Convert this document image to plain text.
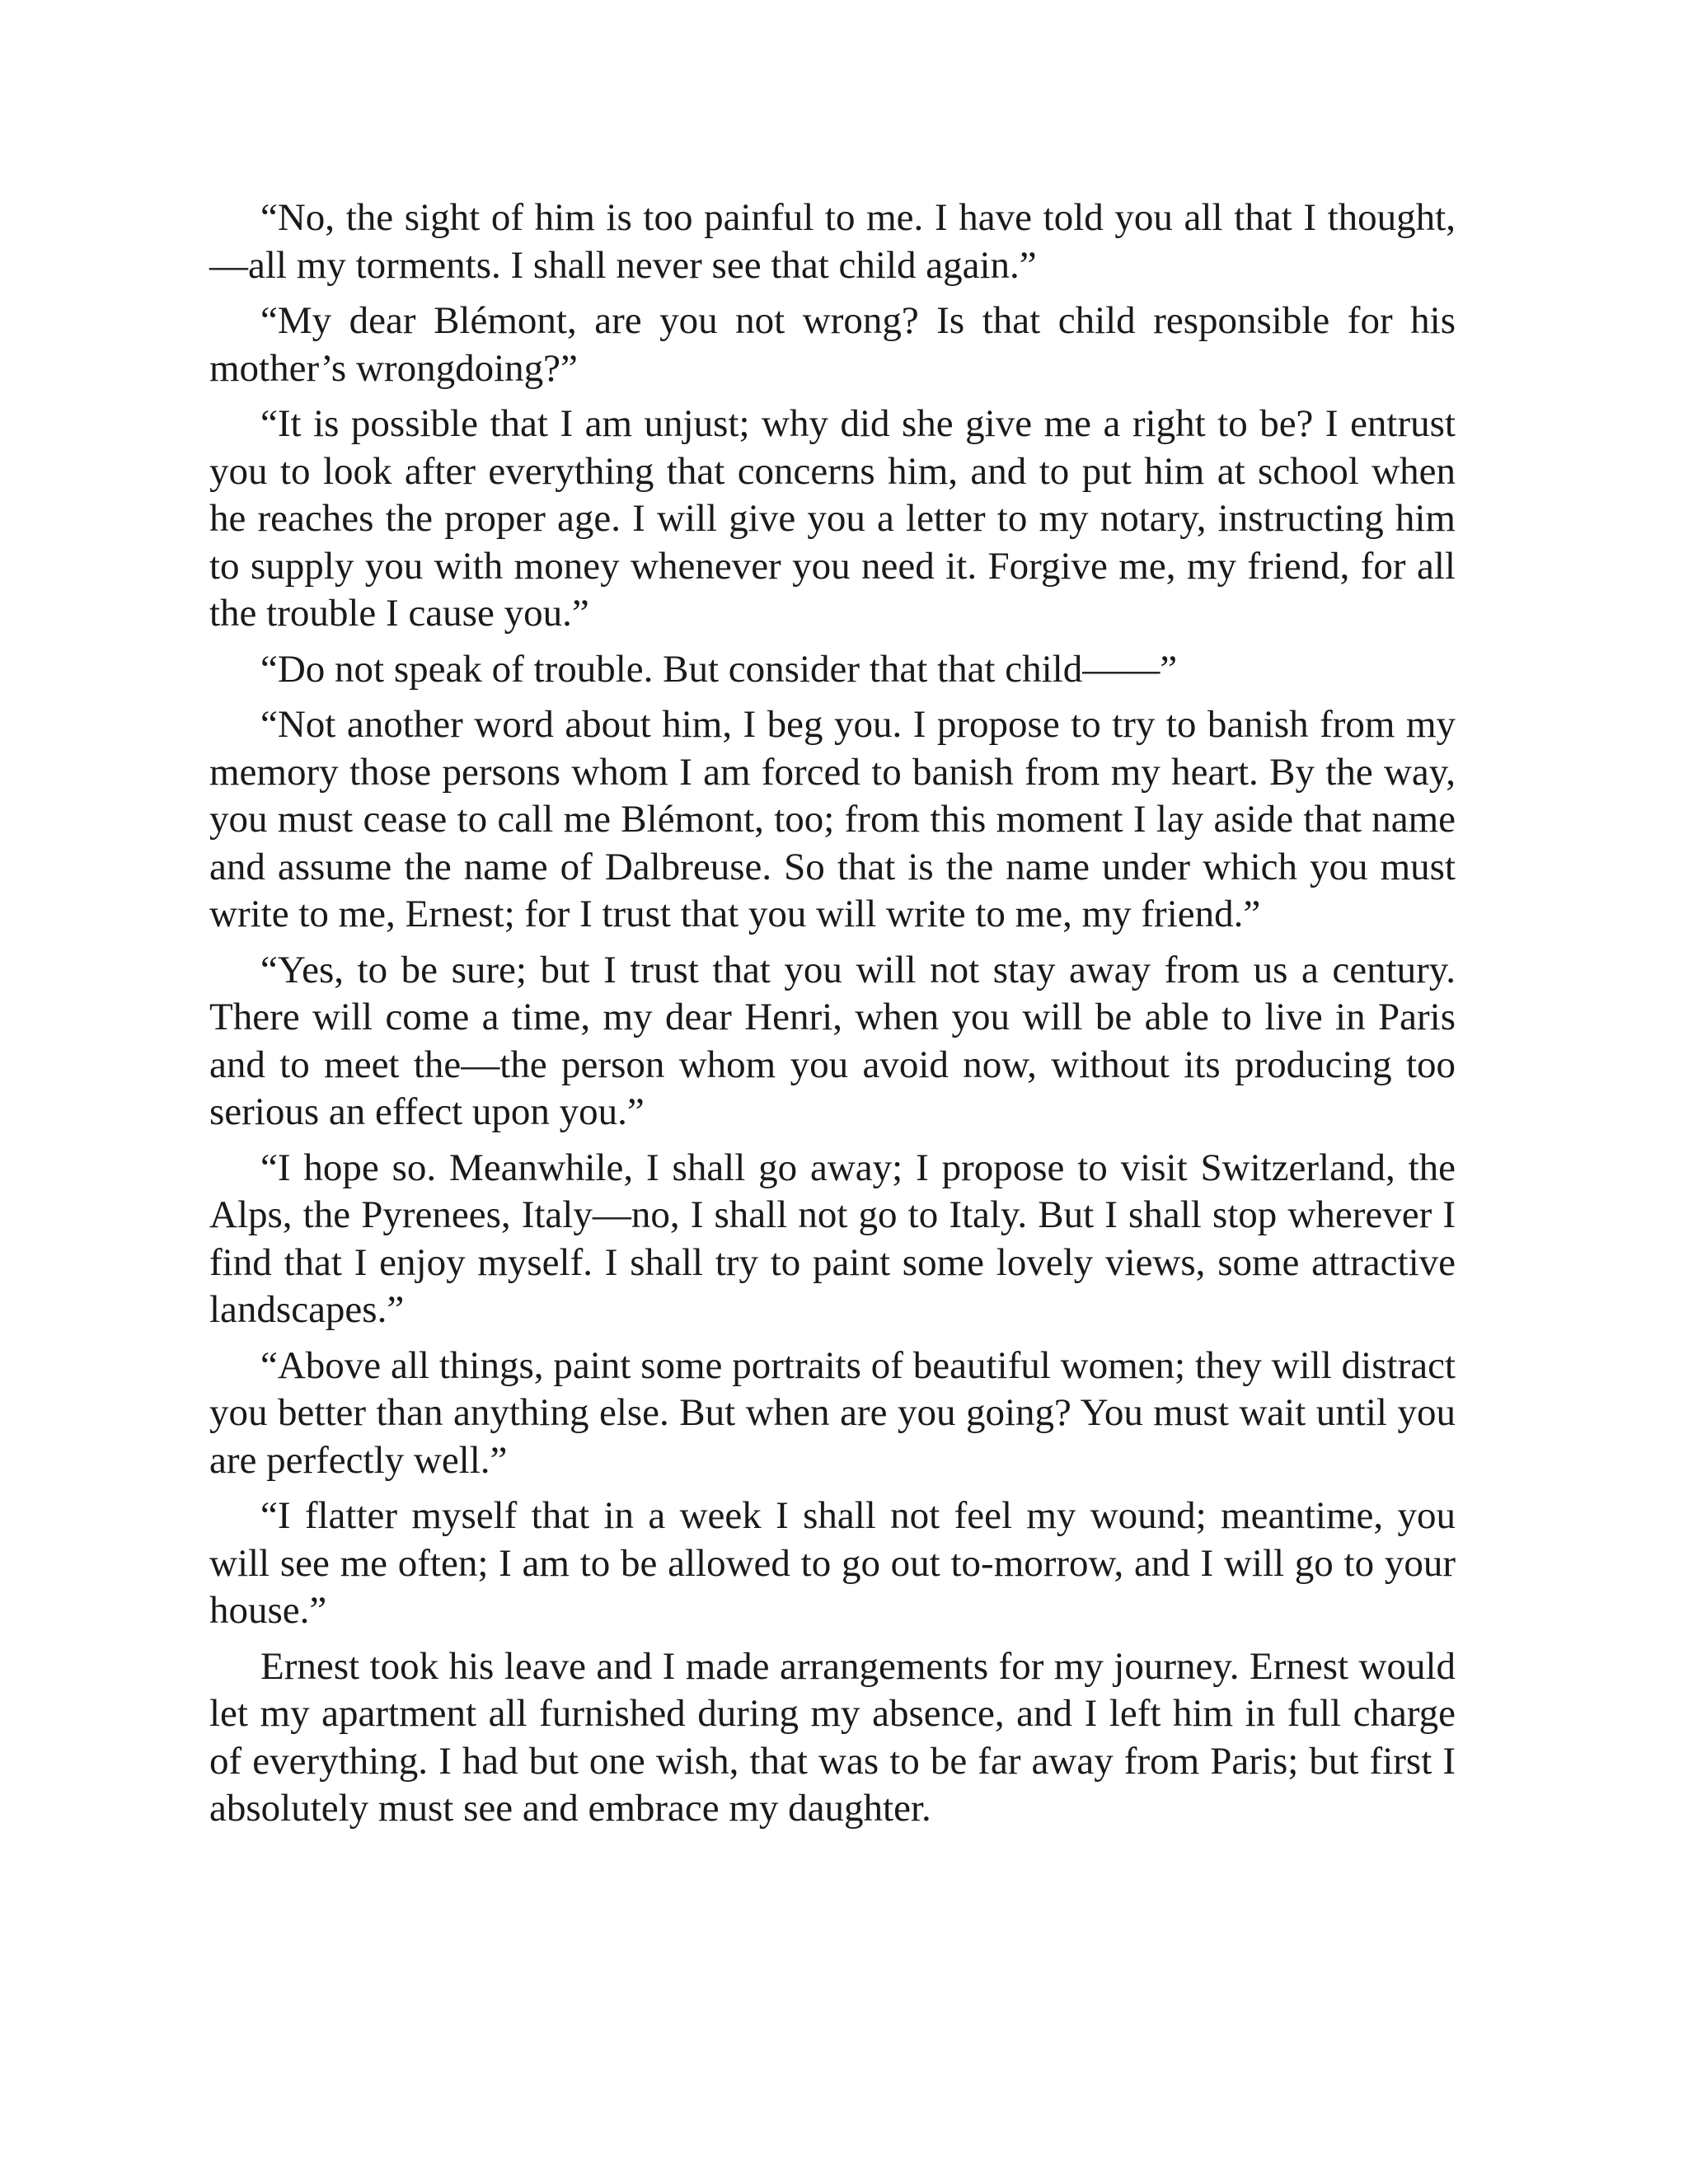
“No, the sight of him is too painful to me. I have told you all that I thought,—all my torments. I shall never see that child again.”

“My dear Blémont, are you not wrong? Is that child responsible for his mother’s wrongdoing?”

“It is possible that I am unjust; why did she give me a right to be? I entrust you to look after everything that concerns him, and to put him at school when he reaches the proper age. I will give you a letter to my notary, instructing him to supply you with money whenever you need it. Forgive me, my friend, for all the trouble I cause you.”

“Do not speak of trouble. But consider that that child——”

“Not another word about him, I beg you. I propose to try to banish from my memory those persons whom I am forced to banish from my heart. By the way, you must cease to call me Blémont, too; from this moment I lay aside that name and assume the name of Dalbreuse. So that is the name under which you must write to me, Ernest; for I trust that you will write to me, my friend.”

“Yes, to be sure; but I trust that you will not stay away from us a century. There will come a time, my dear Henri, when you will be able to live in Paris and to meet the—the person whom you avoid now, without its producing too serious an effect upon you.”

“I hope so. Meanwhile, I shall go away; I propose to visit Switzerland, the Alps, the Pyrenees, Italy—no, I shall not go to Italy. But I shall stop wherever I find that I enjoy myself. I shall try to paint some lovely views, some attractive landscapes.”

“Above all things, paint some portraits of beautiful women; they will distract you better than anything else. But when are you going? You must wait until you are perfectly well.”

“I flatter myself that in a week I shall not feel my wound; meantime, you will see me often; I am to be allowed to go out to-morrow, and I will go to your house.”

Ernest took his leave and I made arrangements for my journey. Ernest would let my apartment all furnished during my absence, and I left him in full charge of everything. I had but one wish, that was to be far away from Paris; but first I absolutely must see and embrace my daughter.
